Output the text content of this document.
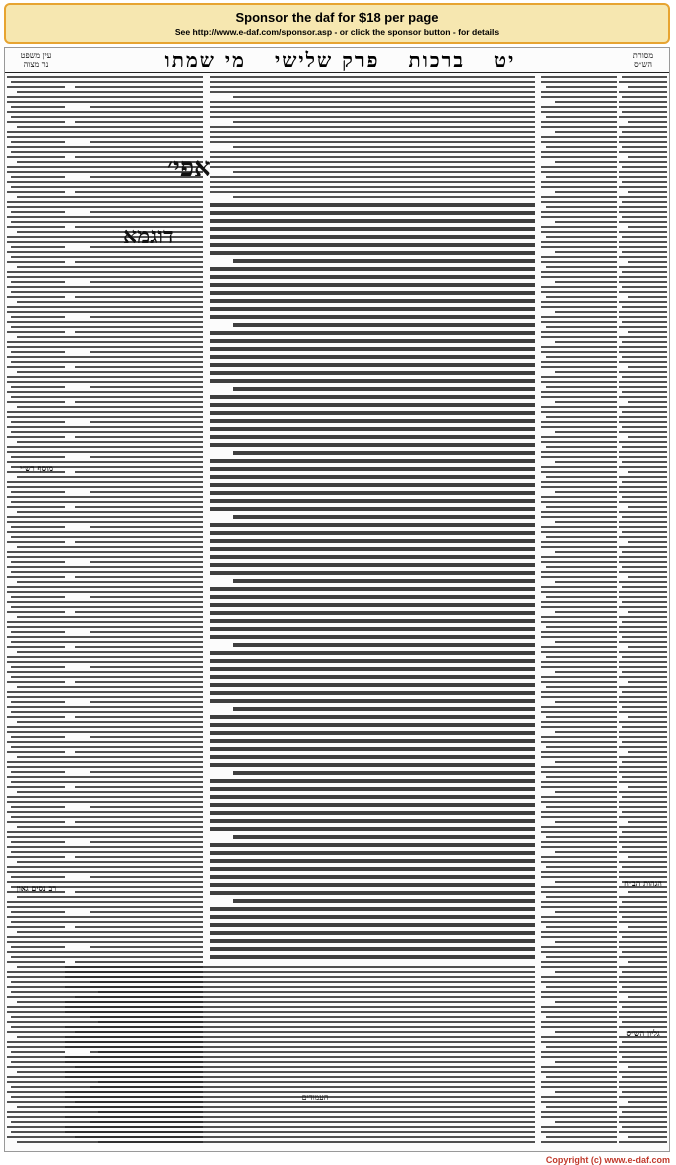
Sponsor the daf for $18 per page
See http://www.e-daf.com/sponsor.asp - or click the sponsor button - for details
עין משפט
נר מצוה	יט ברכות פרק שלישי מי שמתו	מסורת
הש״ס
אפי׳
דוגמא
העמודים
רב נסים גאון	הגהות הב״ח
גליון הש״ס
מוסף רש״י
Copyright (c) www.e-daf.com
